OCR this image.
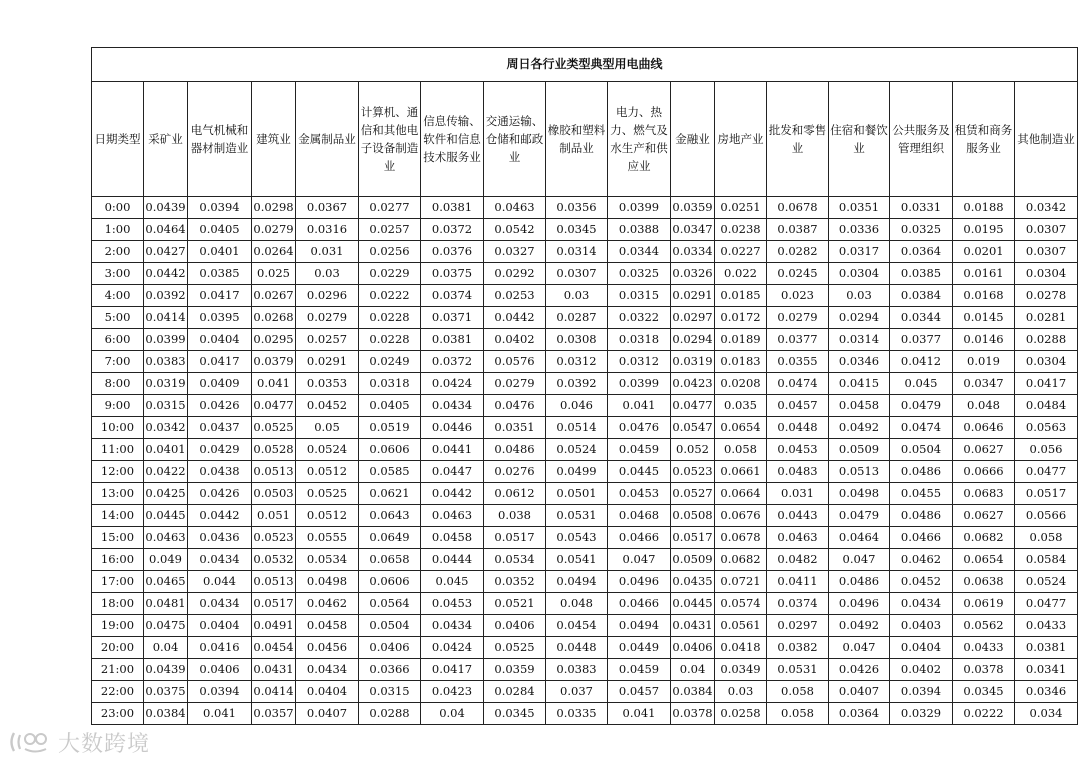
周日各行业类型典型用电曲线																
日期类型	采矿业	电气机械和器材制造业	建筑业	金属制品业	计算机、通信和其他电子设备制造业	信息传输、软件和信息技术服务业	交通运输、仓储和邮政业	橡胶和塑料制品业	电力、热力、燃气及水生产和供应业	金融业	房地产业	批发和零售业	住宿和餐饮业	公共服务及管理组织	租赁和商务服务业	其他制造业
0:00	0.0439	0.0394	0.0298	0.0367	0.0277	0.0381	0.0463	0.0356	0.0399	0.0359	0.0251	0.0678	0.0351	0.0331	0.0188	0.0342
1:00	0.0464	0.0405	0.0279	0.0316	0.0257	0.0372	0.0542	0.0345	0.0388	0.0347	0.0238	0.0387	0.0336	0.0325	0.0195	0.0307
2:00	0.0427	0.0401	0.0264	0.031	0.0256	0.0376	0.0327	0.0314	0.0344	0.0334	0.0227	0.0282	0.0317	0.0364	0.0201	0.0307
3:00	0.0442	0.0385	0.025	0.03	0.0229	0.0375	0.0292	0.0307	0.0325	0.0326	0.022	0.0245	0.0304	0.0385	0.0161	0.0304
4:00	0.0392	0.0417	0.0267	0.0296	0.0222	0.0374	0.0253	0.03	0.0315	0.0291	0.0185	0.023	0.03	0.0384	0.0168	0.0278
5:00	0.0414	0.0395	0.0268	0.0279	0.0228	0.0371	0.0442	0.0287	0.0322	0.0297	0.0172	0.0279	0.0294	0.0344	0.0145	0.0281
6:00	0.0399	0.0404	0.0295	0.0257	0.0228	0.0381	0.0402	0.0308	0.0318	0.0294	0.0189	0.0377	0.0314	0.0377	0.0146	0.0288
7:00	0.0383	0.0417	0.0379	0.0291	0.0249	0.0372	0.0576	0.0312	0.0312	0.0319	0.0183	0.0355	0.0346	0.0412	0.019	0.0304
8:00	0.0319	0.0409	0.041	0.0353	0.0318	0.0424	0.0279	0.0392	0.0399	0.0423	0.0208	0.0474	0.0415	0.045	0.0347	0.0417
9:00	0.0315	0.0426	0.0477	0.0452	0.0405	0.0434	0.0476	0.046	0.041	0.0477	0.035	0.0457	0.0458	0.0479	0.048	0.0484
10:00	0.0342	0.0437	0.0525	0.05	0.0519	0.0446	0.0351	0.0514	0.0476	0.0547	0.0654	0.0448	0.0492	0.0474	0.0646	0.0563
11:00	0.0401	0.0429	0.0528	0.0524	0.0606	0.0441	0.0486	0.0524	0.0459	0.052	0.058	0.0453	0.0509	0.0504	0.0627	0.056
12:00	0.0422	0.0438	0.0513	0.0512	0.0585	0.0447	0.0276	0.0499	0.0445	0.0523	0.0661	0.0483	0.0513	0.0486	0.0666	0.0477
13:00	0.0425	0.0426	0.0503	0.0525	0.0621	0.0442	0.0612	0.0501	0.0453	0.0527	0.0664	0.031	0.0498	0.0455	0.0683	0.0517
14:00	0.0445	0.0442	0.051	0.0512	0.0643	0.0463	0.038	0.0531	0.0468	0.0508	0.0676	0.0443	0.0479	0.0486	0.0627	0.0566
15:00	0.0463	0.0436	0.0523	0.0555	0.0649	0.0458	0.0517	0.0543	0.0466	0.0517	0.0678	0.0463	0.0464	0.0466	0.0682	0.058
16:00	0.049	0.0434	0.0532	0.0534	0.0658	0.0444	0.0534	0.0541	0.047	0.0509	0.0682	0.0482	0.047	0.0462	0.0654	0.0584
17:00	0.0465	0.044	0.0513	0.0498	0.0606	0.045	0.0352	0.0494	0.0496	0.0435	0.0721	0.0411	0.0486	0.0452	0.0638	0.0524
18:00	0.0481	0.0434	0.0517	0.0462	0.0564	0.0453	0.0521	0.048	0.0466	0.0445	0.0574	0.0374	0.0496	0.0434	0.0619	0.0477
19:00	0.0475	0.0404	0.0491	0.0458	0.0504	0.0434	0.0406	0.0454	0.0494	0.0431	0.0561	0.0297	0.0492	0.0403	0.0562	0.0433
20:00	0.04	0.0416	0.0454	0.0456	0.0406	0.0424	0.0525	0.0448	0.0449	0.0406	0.0418	0.0382	0.047	0.0404	0.0433	0.0381
21:00	0.0439	0.0406	0.0431	0.0434	0.0366	0.0417	0.0359	0.0383	0.0459	0.04	0.0349	0.0531	0.0426	0.0402	0.0378	0.0341
22:00	0.0375	0.0394	0.0414	0.0404	0.0315	0.0423	0.0284	0.037	0.0457	0.0384	0.03	0.058	0.0407	0.0394	0.0345	0.0346
23:00	0.0384	0.041	0.0357	0.0407	0.0288	0.04	0.0345	0.0335	0.041	0.0378	0.0258	0.058	0.0364	0.0329	0.0222	0.034
大数跨境
